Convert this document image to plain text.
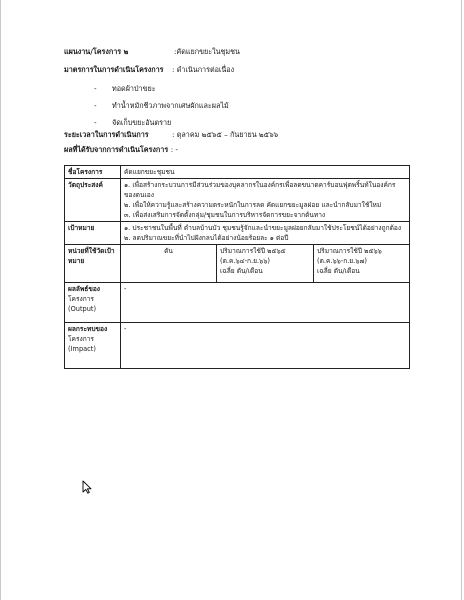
แผนงาน/โครงการ ๒	:คัดแยกขยะในชุมชน
มาตรการในการดำเนินโครงการ : ดำเนินการต่อเนื่อง
- ทอดผ้าป่าขยะ
- ทำน้ำหมักชีวภาพจากเศษผักและผลไม้
- จัดเก็บขยะอันตราย
ระยะเวลาในการดำเนินการ	: ตุลาคม ๒๕๖๕ – กันยายน ๒๕๖๖
ผลที่ได้รับจากการดำเนินโครงการ : -
ชื่อโครงการ	คัดแยกขยะชุมชน		
วัตถุประสงค์	๑. เพื่อสร้างกระบวนการมีส่วนร่วมของบุคลากรในองค์กรเพื่อลดขนาดคาร์บอนฟุตพริ้นท์ในองค์กรของตนเอง
๒. เพื่อให้ความรู้และสร้างความตระหนักในการลด คัดแยกขยะมูลฝอย และนำกลับมาใช้ใหม่
๓. เพื่อส่งเสริมการจัดตั้งกลุ่ม/ชุมชนในการบริหารจัดการขยะจากต้นทาง		

เป้าหมาย	๑. ประชาชนในพื้นที่ ตำบลบ้านบัว ชุมชนรู้จักและนำขยะมูลฝอยกลับมาใช้ประโยชน์ได้อย่างถูกต้อง
๒. ลดปริมาณขยะที่นำไปฝังกลบได้อย่างน้อยร้อยละ ๑ ต่อปี		

หน่วยที่ใช้วัดเป้าหมาย	ตัน	ปริมาณการใช้ปี ๒๕๖๕
(ต.ค.๖๔-ก.ย.๖๖)
เฉลี่ย ตัน/เดือน	ปริมาณการใช้ปี ๒๕๖๖
(ต.ค.๖๖-ก.ย.๖๗)
เฉลี่ย ตัน/เดือน

ผลลัพธ์ของ
โครงการ
(Output)	-		

ผลกระทบของ
โครงการ
(Impact)	-		
